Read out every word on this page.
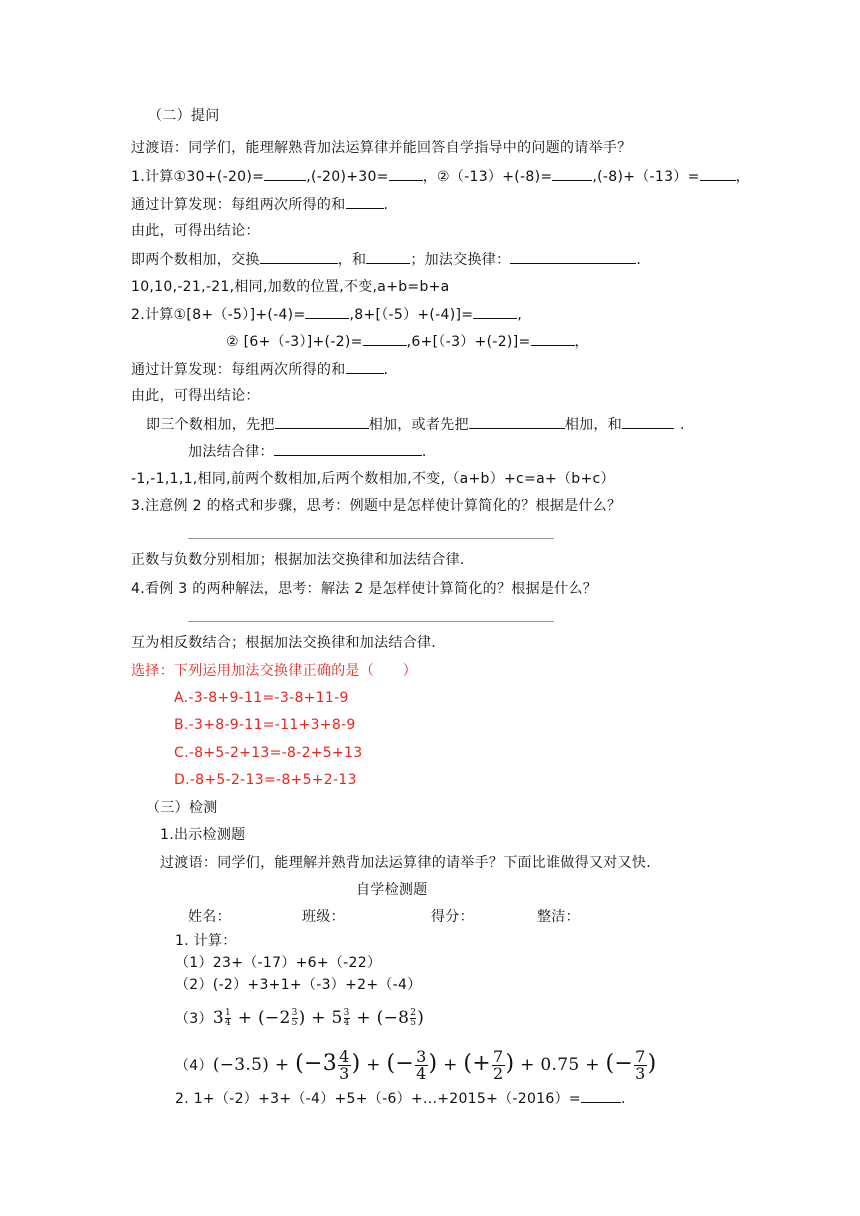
（二）提问
过渡语：同学们，能理解熟背加法运算律并能回答自学指导中的问题的请举手？
1.计算①30+(-20)=	,(-20)+30= ，②（-13）+(-8)=	,(-8)+（-13）=	，
通过计算发现：每组两次所得的和	.
由此，可得出结论：
即两个数相加，交换	，和	；加法交换律：	.
10,10,-21,-21,相同,加数的位置,不变,a+b=b+a
2.计算①[8+（-5）]+(-4)=	,8+[（-5）+(-4)]=	,
② [6+（-3）]+(-2)=	,6+[（-3）+(-2)]=	，
通过计算发现：每组两次所得的和	.
由此，可得出结论：
即三个数相加，先把	相加，或者先把	相加，和	.
加法结合律：	.
-1,-1,1,1,相同,前两个数相加,后两个数相加,不变,（a+b）+c=a+（b+c）
3.注意例 2 的格式和步骤，思考：例题中是怎样使计算简化的？根据是什么？
正数与负数分别相加；根据加法交换律和加法结合律.
4.看例 3 的两种解法，思考：解法 2 是怎样使计算简化的？根据是什么？
互为相反数结合；根据加法交换律和加法结合律.
选择：下列运用加法交换律正确的是（　　）
A.-3-8+9-11=-3-8+11-9
B.-3+8-9-11=-11+3+8-9
C.-8+5-2+13=-8-2+5+13
D.-8+5-2-13=-8+5+2-13
（三）检测
1.出示检测题
过渡语：同学们，能理解并熟背加法运算律的请举手？下面比谁做得又对又快.
自学检测题
姓名：	班级：	得分：	整洁：
1. 计算：
（1）23+（-17）+6+（-22）
（2）(-2）+3+1+（-3）+2+（-4）
$(3)3 \frac{1}{4} + (-2 \frac{3}{5}$ ) + $5 \frac{3}{4} + (-8 \frac{2}{5}$ )
$(4)(-3.5) + (-3 \frac{4}{3}$ ) + (− $\frac{3}{4}$ ) + (+ $\frac{7}{2}$ ) + 0.75 + (− $\frac{7}{3}$ )
2. 1+（-2）+3+（-4）+5+（-6）+...+2015+（-2016）=	.
